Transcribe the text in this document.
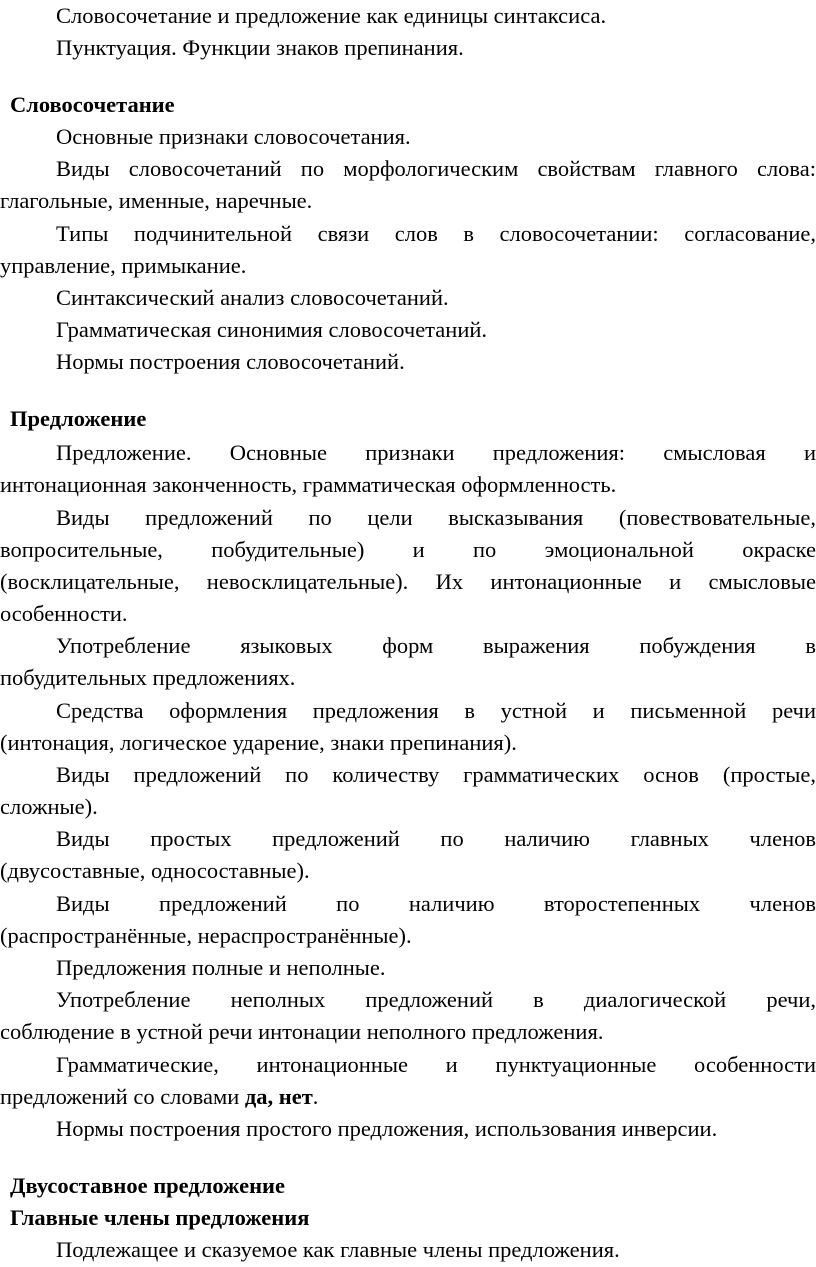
Словосочетание и предложение как единицы синтаксиса.
Пунктуация. Функции знаков препинания.
Словосочетание
Основные признаки словосочетания.
Виды словосочетаний по морфологическим свойствам главного слова:
глагольные, именные, наречные.
Типы подчинительной связи слов в словосочетании: согласование,
управление, примыкание.
Синтаксический анализ словосочетаний.
Грамматическая синонимия словосочетаний.
Нормы построения словосочетаний.
Предложение
Предложение. Основные признаки предложения: смысловая и
интонационная законченность, грамматическая оформленность.
Виды предложений по цели высказывания (повествовательные,
вопросительные, побудительные) и по эмоциональной окраске
(восклицательные, невосклицательные). Их интонационные и смысловые
особенности.
Употребление языковых форм выражения побуждения в
побудительных предложениях.
Средства оформления предложения в устной и письменной речи
(интонация, логическое ударение, знаки препинания).
Виды предложений по количеству грамматических основ (простые,
сложные).
Виды простых предложений по наличию главных членов
(двусоставные, односоставные).
Виды предложений по наличию второстепенных членов
(распространённые, нераспространённые).
Предложения полные и неполные.
Употребление неполных предложений в диалогической речи,
соблюдение в устной речи интонации неполного предложения.
Грамматические, интонационные и пунктуационные особенности
предложений со словами да, нет.
Нормы построения простого предложения, использования инверсии.
Двусоставное предложение
Главные члены предложения
Подлежащее и сказуемое как главные члены предложения.
